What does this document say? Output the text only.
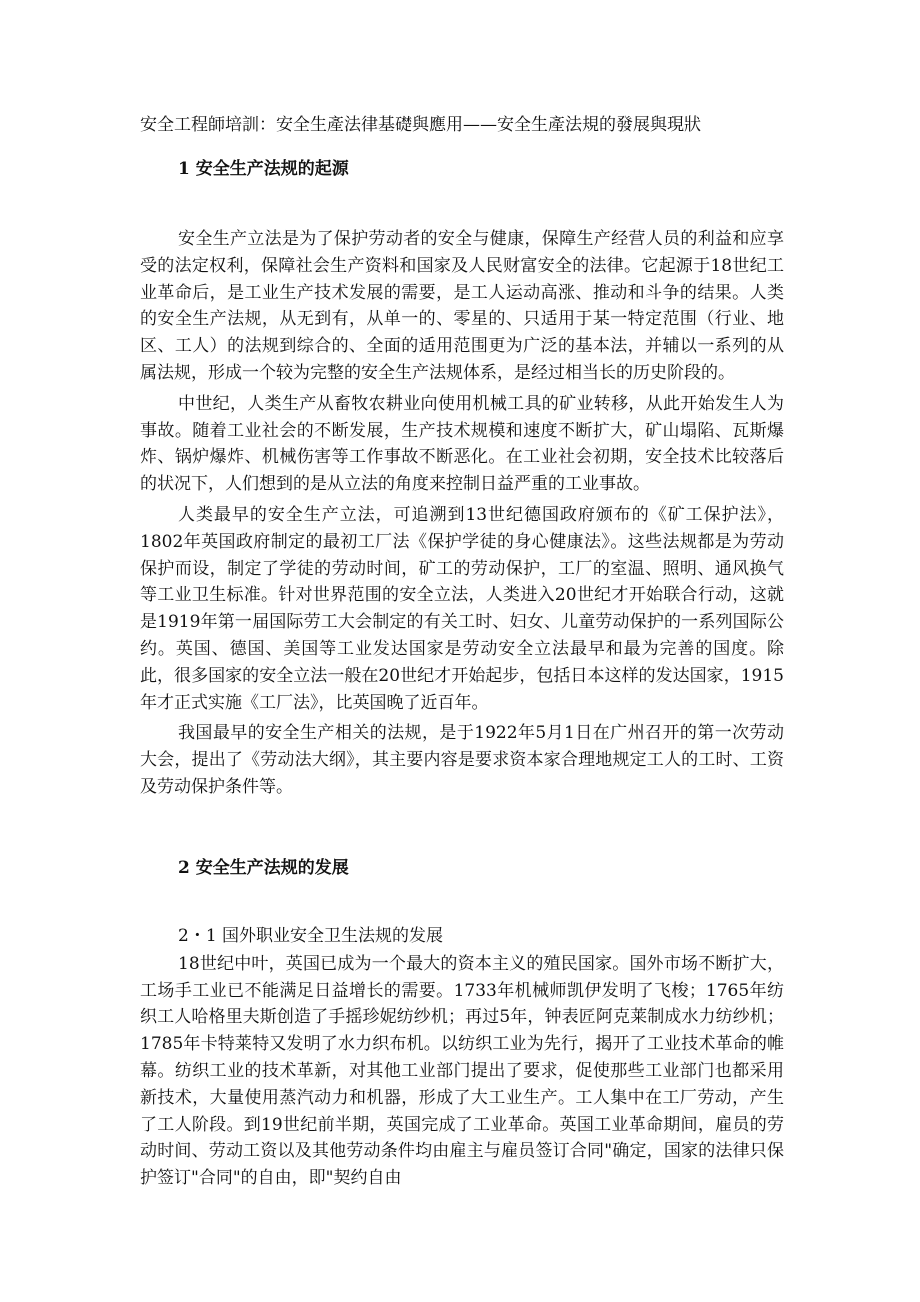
安全工程師培訓：安全生產法律基礎與應用——安全生產法規的發展與現狀
1 安全生产法规的起源

安全生产立法是为了保护劳动者的安全与健康，保障生产经营人员的利益和应享受的法定权利，保障社会生产资料和国家及人民财富安全的法律。它起源于18世纪工业革命后，是工业生产技术发展的需要，是工人运动高涨、推动和斗争的结果。人类的安全生产法规，从无到有，从单一的、零星的、只适用于某一特定范围（行业、地区、工人）的法规到综合的、全面的适用范围更为广泛的基本法，并辅以一系列的从属法规，形成一个较为完整的安全生产法规体系，是经过相当长的历史阶段的。

中世纪，人类生产从畜牧农耕业向使用机械工具的矿业转移，从此开始发生人为事故。随着工业社会的不断发展，生产技术规模和速度不断扩大，矿山塌陷、瓦斯爆炸、锅炉爆炸、机械伤害等工作事故不断恶化。在工业社会初期，安全技术比较落后的状况下，人们想到的是从立法的角度来控制日益严重的工业事故。

人类最早的安全生产立法，可追溯到13世纪德国政府颁布的《矿工保护法》，1802年英国政府制定的最初工厂法《保护学徒的身心健康法》。这些法规都是为劳动保护而设，制定了学徒的劳动时间，矿工的劳动保护，工厂的室温、照明、通风换气等工业卫生标准。针对世界范围的安全立法，人类进入20世纪才开始联合行动，这就是1919年第一届国际劳工大会制定的有关工时、妇女、儿童劳动保护的一系列国际公约。英国、德国、美国等工业发达国家是劳动安全立法最早和最为完善的国度。除此，很多国家的安全立法一般在20世纪才开始起步，包括日本这样的发达国家，1915年才正式实施《工厂法》，比英国晚了近百年。

我国最早的安全生产相关的法规，是于1922年5月1日在广州召开的第一次劳动大会，提出了《劳动法大纲》，其主要内容是要求资本家合理地规定工人的工时、工资及劳动保护条件等。

2 安全生产法规的发展
2・1 国外职业安全卫生法规的发展

18世纪中叶，英国已成为一个最大的资本主义的殖民国家。国外市场不断扩大，工场手工业已不能满足日益增长的需要。1733年机械师凯伊发明了飞梭；1765年纺织工人哈格里夫斯创造了手摇珍妮纺纱机；再过5年，钟表匠阿克莱制成水力纺纱机；1785年卡特莱特又发明了水力织布机。以纺织工业为先行，揭开了工业技术革命的帷幕。纺织工业的技术革新，对其他工业部门提出了要求，促使那些工业部门也都采用新技术，大量使用蒸汽动力和机器，形成了大工业生产。工人集中在工厂劳动，产生了工人阶段。到19世纪前半期，英国完成了工业革命。英国工业革命期间，雇员的劳动时间、劳动工资以及其他劳动条件均由雇主与雇员签订合同"确定，国家的法律只保护签订"合同"的自由，即"契约自由
